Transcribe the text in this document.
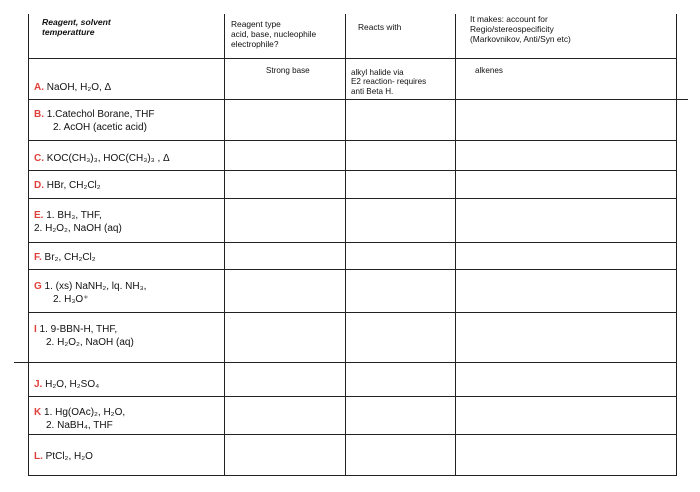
Reagent, solvent
temperatture
Reagent type
acid, base, nucleophile
electrophile?
Reacts with
It makes: account for
Regio/stereospecificity
(Markovnikov, Anti/Syn etc)
Strong base	alkyl halide via
E2 reaction- requires
anti Beta H.
alkenes
A. NaOH, H₂O, Δ
B. 1.Catechol Borane, THF
2. AcOH (acetic acid)
C. KOC(CH₃)₃, HOC(CH₃)₃ , Δ
D. HBr, CH₂Cl₂
E. 1. BH₃, THF,
2. H₂O₂, NaOH (aq)
F. Br₂, CH₂Cl₂
G 1. (xs) NaNH₂, lq. NH₃,
2. H₃O⁺
I 1. 9-BBN-H, THF,
2. H₂O₂, NaOH (aq)
J. H₂O, H₂SO₄
K 1. Hg(OAc)₂, H₂O,
2. NaBH₄, THF
L. PtCl₂, H₂O
